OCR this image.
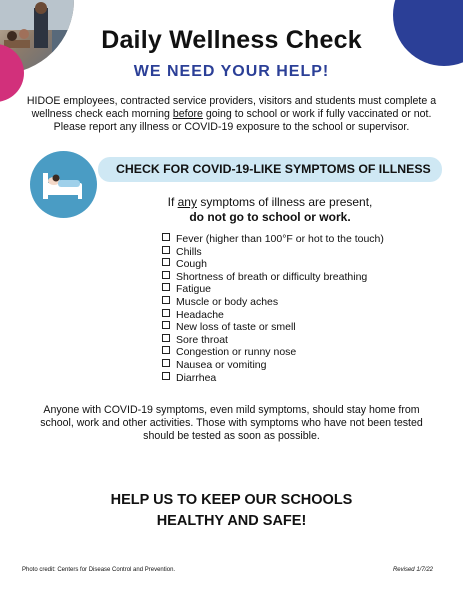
Daily Wellness Check
WE NEED YOUR HELP!
HIDOE employees, contracted service providers, visitors and students must complete a wellness check each morning before going to school or work if fully vaccinated or not. Please report any illness or COVID-19 exposure to the school or supervisor.
CHECK FOR COVID-19-LIKE SYMPTOMS OF ILLNESS
If any symptoms of illness are present,
do not go to school or work.
Fever (higher than 100°F or hot to the touch)
Chills
Cough
Shortness of breath or difficulty breathing
Fatigue
Muscle or body aches
Headache
New loss of taste or smell
Sore throat
Congestion or runny nose
Nausea or vomiting
Diarrhea
Anyone with COVID-19 symptoms, even mild symptoms, should stay home from school, work and other activities. Those with symptoms who have not been tested should be tested as soon as possible.
HELP US TO KEEP OUR SCHOOLS
HEALTHY AND SAFE!
Photo credit: Centers for Disease Control and Prevention.	Revised 1/7/22
